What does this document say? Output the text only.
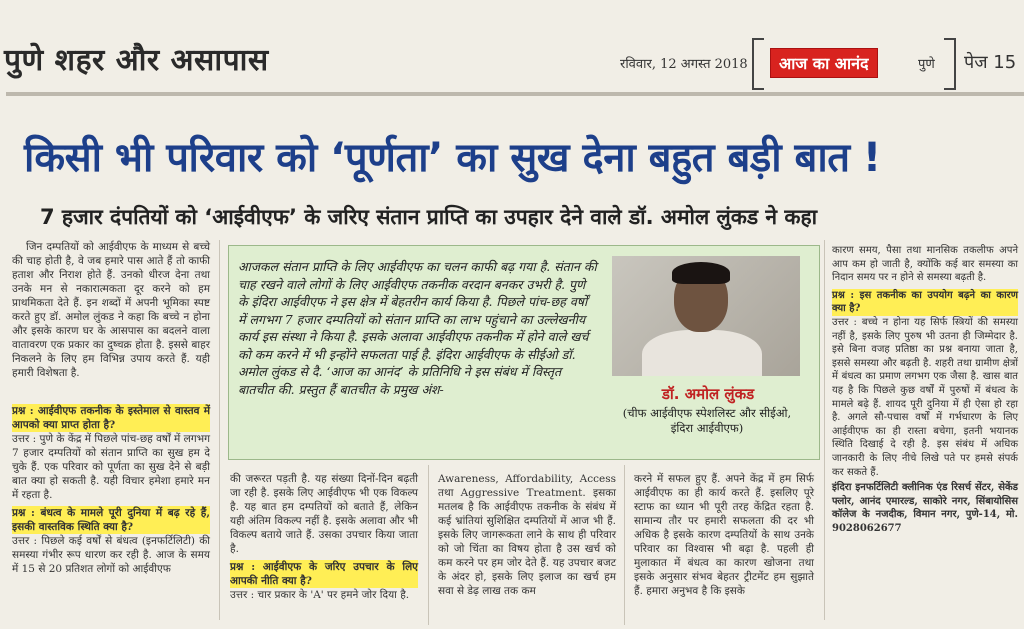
पुणे शहर और असापास	रविवार, 12 अगस्त 2018	आज का आनंद	पुणे पेज 15
किसी भी परिवार को ‘पूर्णता’ का सुख देना बहुत बड़ी बात !
7 हजार दंपतियों को ‘आईवीएफ’ के जरिए संतान प्राप्ति का उपहार देने वाले डॉ. अमोल लुंकड ने कहा
जिन दम्पतियों को आईवीएफ के माध्यम से बच्चे की चाह होती है, वे जब हमारे पास आते हैं तो काफी हताश और निराश होते हैं. उनको धीरज देना तथा उनके मन से नकारात्मकता दूर करने को हम प्राथमिकता देते हैं. इन शब्दों में अपनी भूमिका स्पष्ट करते हुए डॉ. अमोल लुंकड ने कहा कि बच्चे न होना और इसके कारण घर के आसपास का बदलने वाला वातावरण एक प्रकार का दुष्चक्र होता है. इससे बाहर निकलने के लिए हम विभिन्न उपाय करते हैं. यही हमारी विशेषता है.
प्रश्न : आईवीएफ तकनीक के इस्तेमाल से वास्तव में आपको क्या प्राप्त होता है?
उत्तर : पुणे के केंद्र में पिछले पांच-छह वर्षों में लगभग 7 हजार दम्पतियों को संतान प्राप्ति का सुख हम दे चुके हैं. एक परिवार को पूर्णता का सुख देने से बड़ी बात क्या हो सकती है. यही विचार हमेशा हमारे मन में रहता है.
प्रश्न : बंधत्व के मामले पूरी दुनिया में बढ़ रहे हैं, इसकी वास्तविक स्थिति क्या है?
उत्तर : पिछले कई वर्षों से बंधत्व (इनफर्टिलिटी) की समस्या गंभीर रूप धारण कर रही है. आज के समय में 15 से 20 प्रतिशत लोगों को आईवीएफ
आजकल संतान प्राप्ति के लिए आईवीएफ का चलन काफी बढ़ गया है. संतान की चाह रखने वाले लोगों के लिए आईवीएफ तकनीक वरदान बनकर उभरी है. पुणे के इंदिरा आईवीएफ ने इस क्षेत्र में बेहतरीन कार्य किया है. पिछले पांच-छह वर्षों में लगभग 7 हजार दम्पतियों को संतान प्राप्ति का लाभ पहुंचाने का उल्लेखनीय कार्य इस संस्था ने किया है. इसके अलावा आईवीएफ तकनीक में होने वाले खर्च को कम करने में भी इन्होंने सफलता पाई है. इंदिरा आईवीएफ के सीईओ डॉ. अमोल लुंकड से दै. ‘आज का आनंद’ के प्रतिनिधि ने इस संबंध में विस्तृत बातचीत की. प्रस्तुत हैं बातचीत के प्रमुख अंश-	डॉ. अमोल लुंकड
(चीफ आईवीएफ स्पेशलिस्ट और सीईओ, इंदिरा आईवीएफ)
की जरूरत पड़ती है. यह संख्या दिनों-दिन बढ़ती जा रही है. इसके लिए आईवीएफ भी एक विकल्प है. यह बात हम दम्पतियों को बताते हैं, लेकिन यही अंतिम विकल्प नहीं है. इसके अलावा और भी विकल्प बताये जाते हैं. उसका उपचार किया जाता है.
प्रश्न : आईवीएफ के जरिए उपचार के लिए आपकी नीति क्या है?
उत्तर : चार प्रकार के 'A' पर हमने जोर दिया है.
Awareness, Affordability, Access तथा Aggressive Treatment. इसका मतलब है कि आईवीएफ तकनीक के संबंध में कई भ्रांतियां सुशिक्षित दम्पतियों में आज भी हैं. इसके लिए जागरूकता लाने के साथ ही परिवार को जो चिंता का विषय होता है उस खर्च को कम करने पर हम जोर देते हैं. यह उपचार बजट के अंदर हो, इसके लिए इलाज का खर्च हम सवा से डेढ़ लाख तक कम
करने में सफल हुए हैं. अपने केंद्र में हम सिर्फ आईवीएफ का ही कार्य करते हैं. इसलिए पूरे स्टाफ का ध्यान भी पूरी तरह केंद्रित रहता है. सामान्य तौर पर हमारी सफलता की दर भी अधिक है इसके कारण दम्पतियों के साथ उनके परिवार का विश्वास भी बढ़ा है. पहली ही मुलाकात में बंधत्व का कारण खोजना तथा इसके अनुसार संभव बेहतर ट्रीटमेंट हम सुझाते हैं. हमारा अनुभव है कि इसके
कारण समय, पैसा तथा मानसिक तकलीफ अपने आप कम हो जाती है, क्योंकि कई बार समस्या का निदान समय पर न होने से समस्या बढ़ती है.
प्रश्न : इस तकनीक का उपयोग बढ़ने का कारण क्या है?
उत्तर : बच्चे न होना यह सिर्फ स्त्रियों की समस्या नहीं है, इसके लिए पुरुष भी उतना ही जिम्मेदार है. इसे बिना वजह प्रतिष्ठा का प्रश्न बनाया जाता है, इससे समस्या और बढ़ती है. शहरी तथा ग्रामीण क्षेत्रों में बंधत्व का प्रमाण लगभग एक जैसा है. खास बात यह है कि पिछले कुछ वर्षों में पुरुषों में बंधत्व के मामले बढ़े हैं. शायद पूरी दुनिया में ही ऐसा हो रहा है. अगले सौ-पचास वर्षों में गर्भधारण के लिए आईवीएफ का ही रास्ता बचेगा, इतनी भयानक स्थिति दिखाई दे रही है. इस संबंध में अधिक जानकारी के लिए नीचे लिखे पते पर हमसे संपर्क कर सकते हैं.
इंदिरा इनफर्टिलिटी क्लीनिक एंड रिसर्च सेंटर, सेकेंड फ्लोर, आनंद एमारल्ड, साकोरे नगर, सिंबायोसिस कॉलेज के नजदीक, विमान नगर, पुणे-14, मो. 9028062677
